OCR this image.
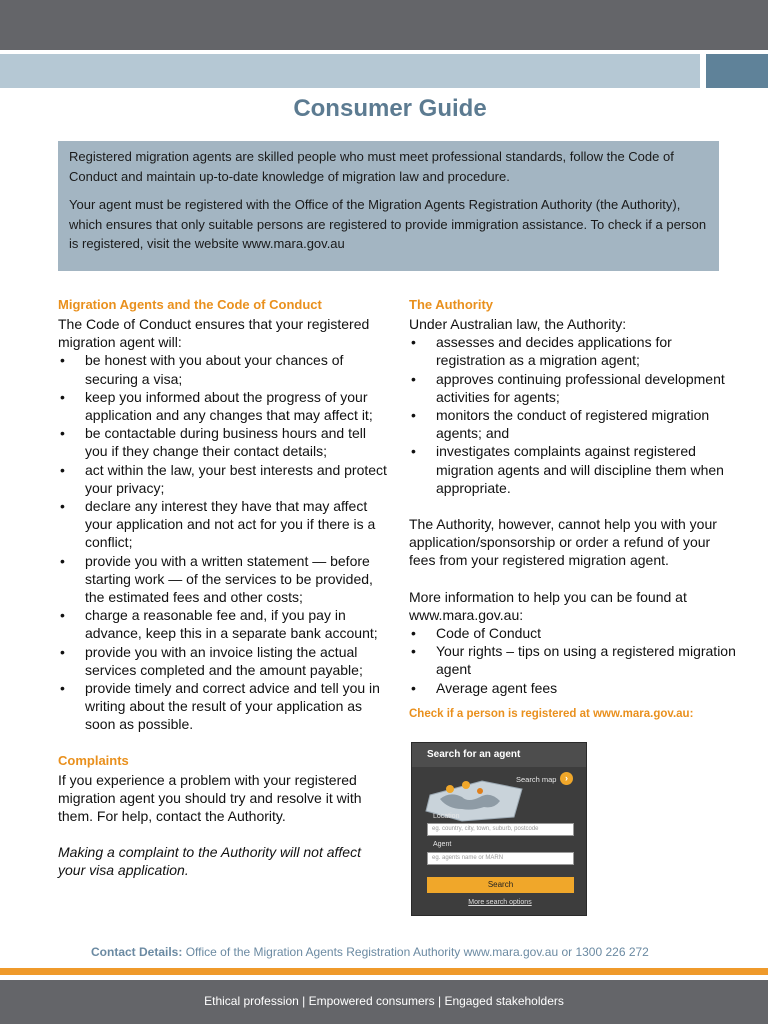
Consumer Guide

Registered migration agents are skilled people who must meet professional standards, follow the Code of Conduct and maintain up-to-date knowledge of migration law and procedure.

Your agent must be registered with the Office of the Migration Agents Registration Authority (the Authority), which ensures that only suitable persons are registered to provide immigration assistance. To check if a person is registered, visit the website www.mara.gov.au

Migration Agents and the Code of Conduct

The Code of Conduct ensures that your registered migration agent will:

• be honest with you about your chances of securing a visa;
• keep you informed about the progress of your application and any changes that may affect it;
• be contactable during business hours and tell you if they change their contact details;
• act within the law, your best interests and protect your privacy;
• declare any interest they have that may affect your application and not act for you if there is a conflict;
• provide you with a written statement — before starting work — of the services to be provided, the estimated fees and other costs;
• charge a reasonable fee and, if you pay in advance, keep this in a separate bank account;
• provide you with an invoice listing the actual services completed and the amount payable;
• provide timely and correct advice and tell you in writing about the result of your application as soon as possible.
Complaints

If you experience a problem with your registered migration agent you should try and resolve it with them. For help, contact the Authority.

Making a complaint to the Authority will not affect your visa application.

The Authority

Under Australian law, the Authority:

• assesses and decides applications for registration as a migration agent;
• approves continuing professional development activities for agents;
• monitors the conduct of registered migration agents; and
• investigates complaints against registered migration agents and will discipline them when appropriate.

The Authority, however, cannot help you with your application/sponsorship or order a refund of your fees from your registered migration agent.

More information to help you can be found at www.mara.gov.au:

• Code of Conduct
• Your rights – tips on using a registered migration agent
• Average agent fees
Check if a person is registered at www.mara.gov.au:
Search for an agent
Search map ›
Location
eg. country, city, town, suburb, postcode
Agent
eg. agents name or MARN
Search
More search options
Contact Details: Office of the Migration Agents Registration Authority www.mara.gov.au or 1300 226 272
Ethical profession | Empowered consumers | Engaged stakeholders
